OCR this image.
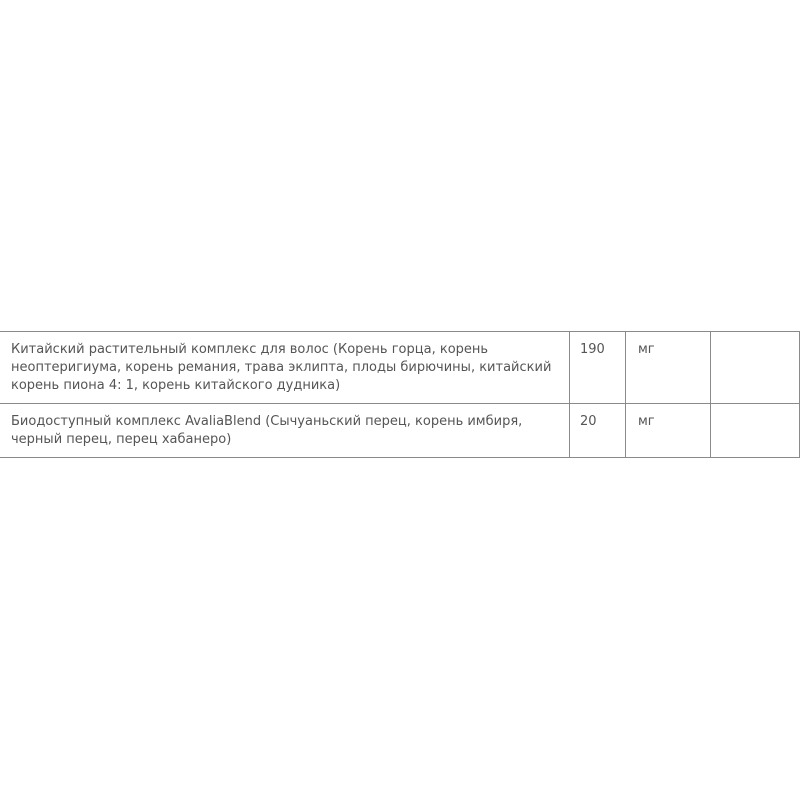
Китайский растительный комплекс для волос (Корень горца, корень неоптеригиума, корень ремания, трава эклипта, плоды бирючины, китайский корень пиона 4: 1, корень китайского дудника)	190	мг	
Биодоступный комплекс AvaliaBlend (Сычуаньский перец, корень имбиря, черный перец, перец хабанеро)	20	мг	
